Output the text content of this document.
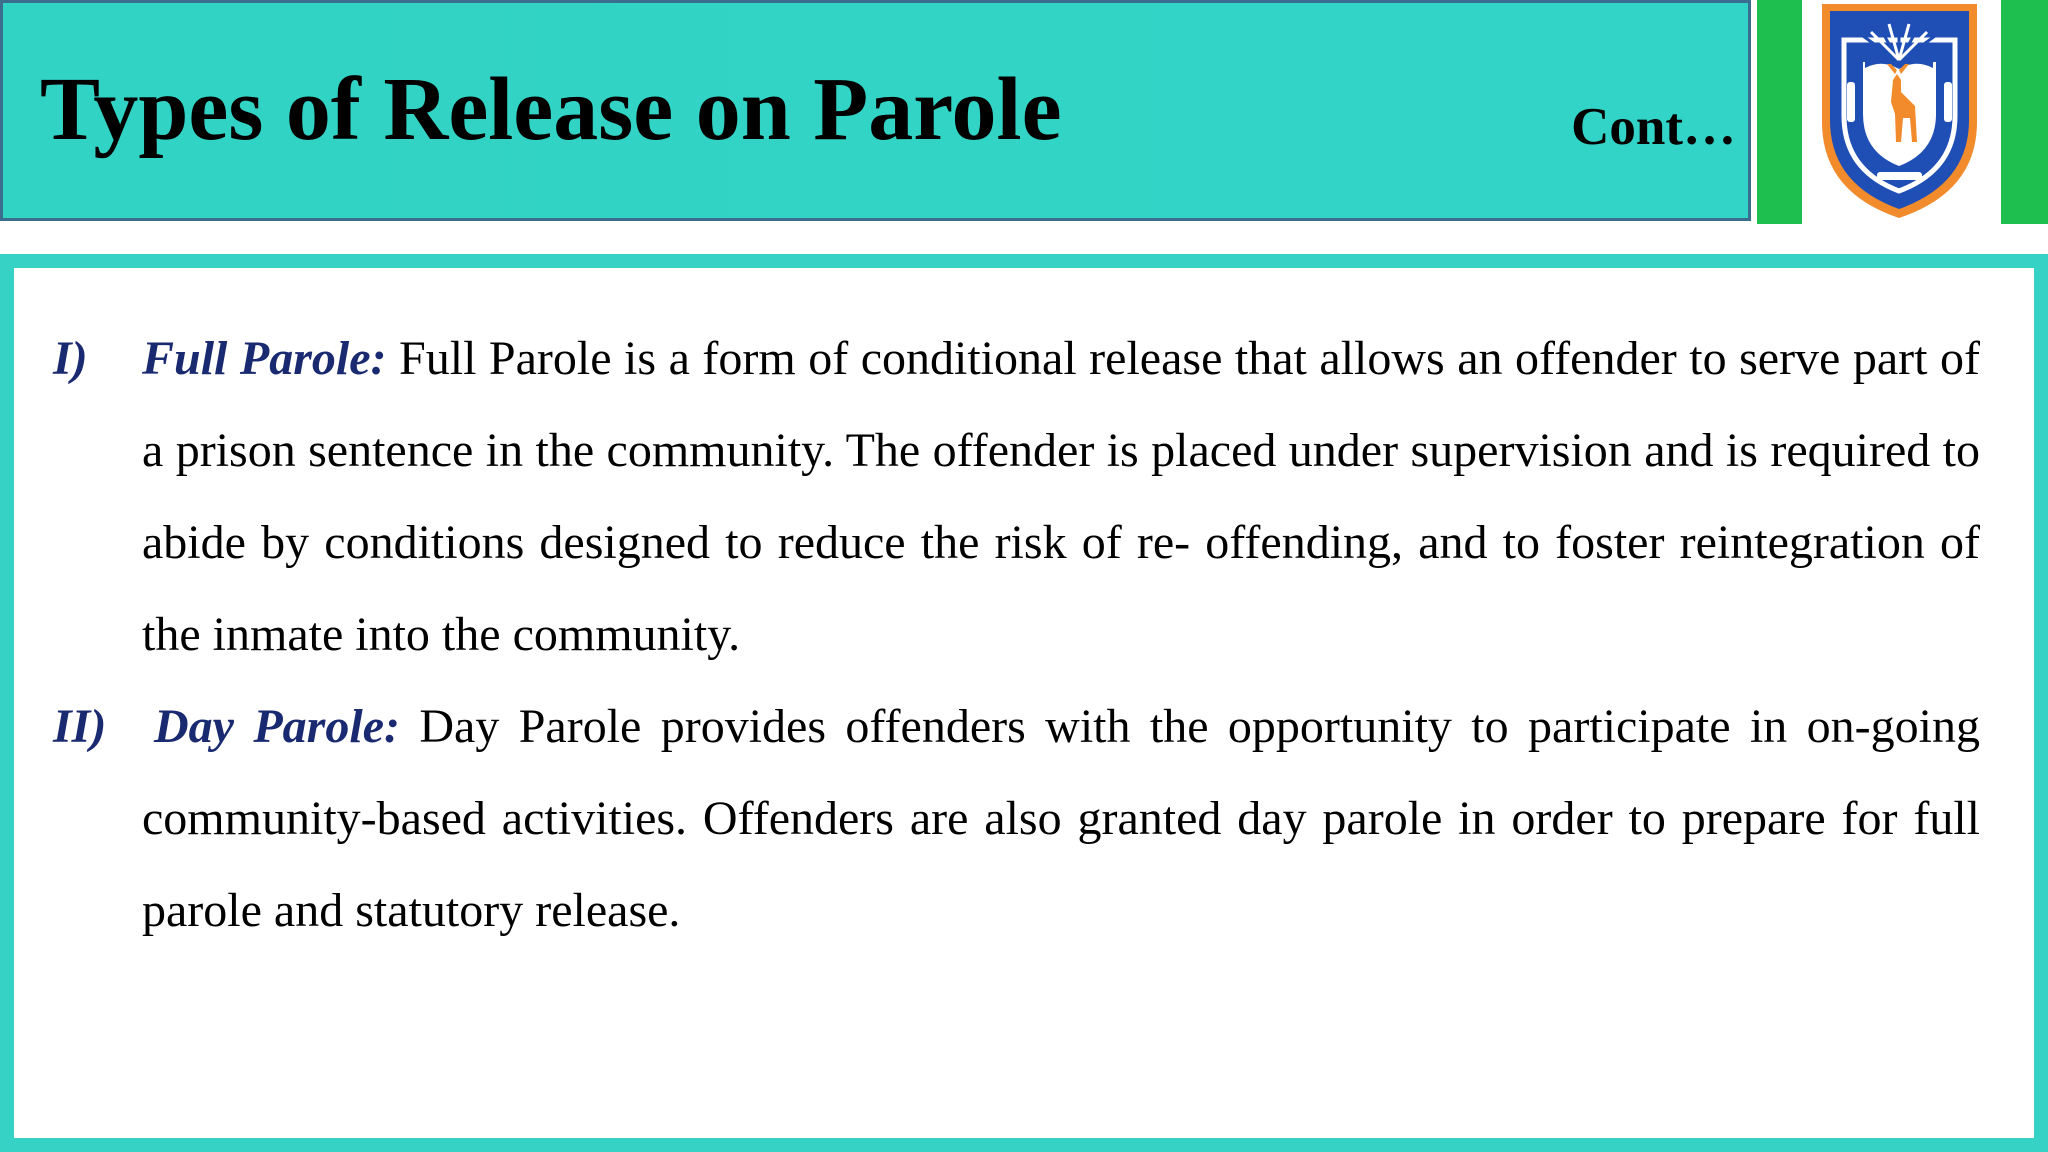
Types of Release on Parole	Cont…

I) Full Parole: Full Parole is a form of conditional release that allows an offender to serve part of a prison sentence in the community. The offender is placed under supervision and is required to abide by conditions designed to reduce the risk of re- offending, and to foster reintegration of the inmate into the community.

II) Day Parole: Day Parole provides offenders with the opportunity to participate in on-going community-based activities. Offenders are also granted day parole in order to prepare for full parole and statutory release.
